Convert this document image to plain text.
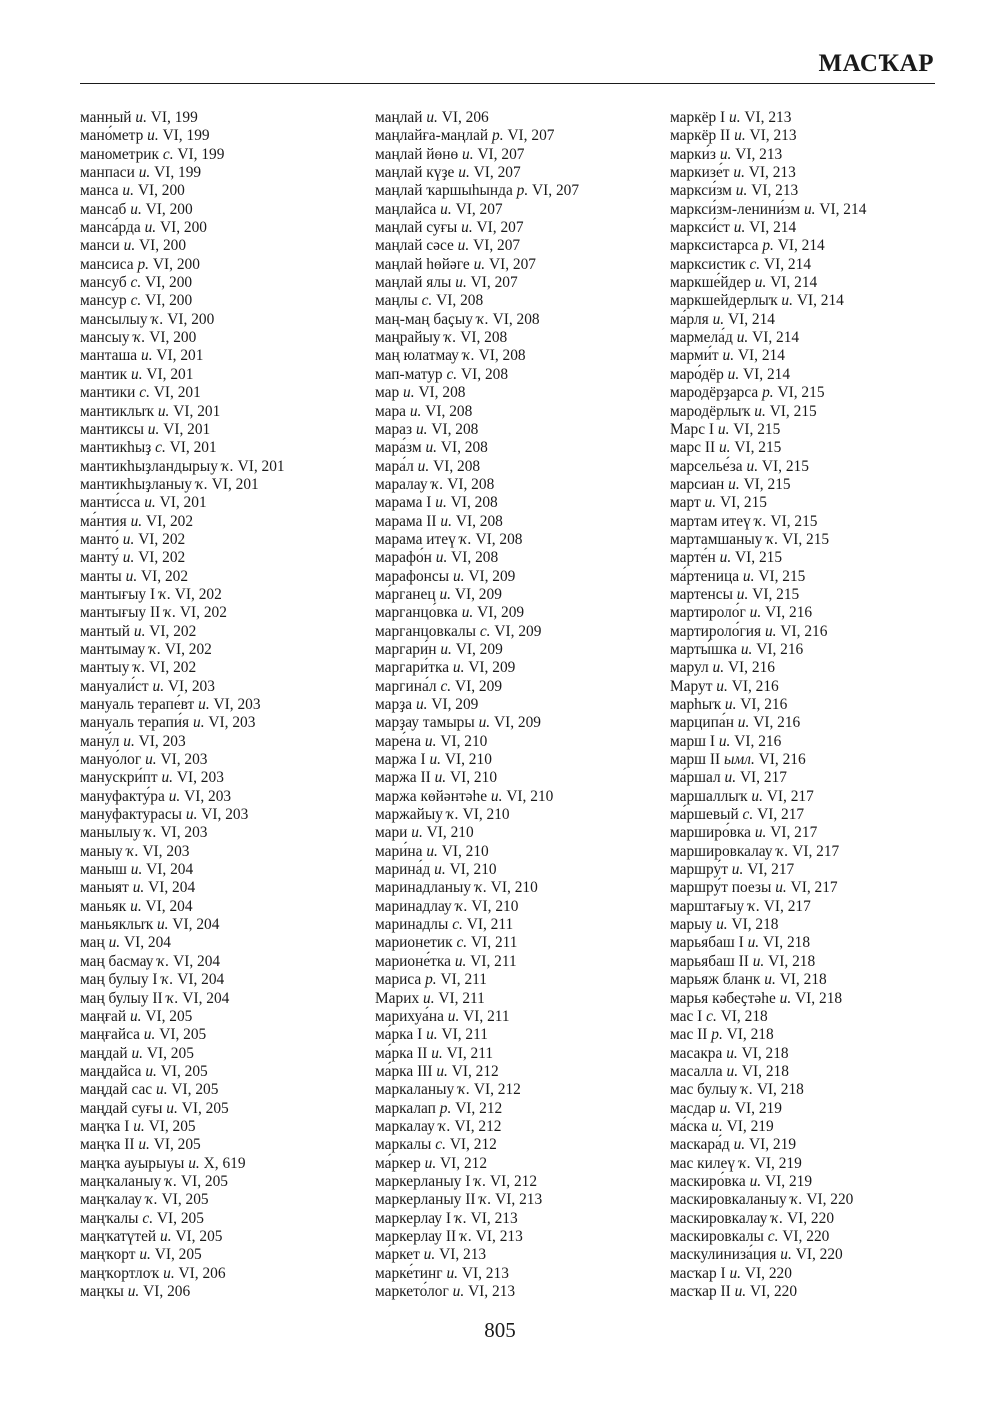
МАСҠАР
манный и. VI, 199
мано́метр и. VI, 199
манометрик с. VI, 199
манпаси и. VI, 199
манса и. VI, 200
мансаб и. VI, 200
манса́рда и. VI, 200
манси и. VI, 200
мансиса р. VI, 200
мансуб с. VI, 200
мансур с. VI, 200
мансылыу ҡ. VI, 200
мансыу ҡ. VI, 200
манташа и. VI, 201
мантик и. VI, 201
мантики с. VI, 201
мантиклыҡ и. VI, 201
мантиксы и. VI, 201
мантикһыҙ с. VI, 201
мантикһыҙландырыу ҡ. VI, 201
мантикһыҙланыу ҡ. VI, 201
манти́сса и. VI, 201
ма́нтия и. VI, 202
манто́ и. VI, 202
манту́ и. VI, 202
манты и. VI, 202
мантығыу I ҡ. VI, 202
мантығыу II ҡ. VI, 202
мантый и. VI, 202
мантымау ҡ. VI, 202
мантыу ҡ. VI, 202
мануали́ст и. VI, 203
мануаль терапе́вт и. VI, 203
мануаль терапи́я и. VI, 203
ману́л и. VI, 203
мануо́лог и. VI, 203
манускри́пт и. VI, 203
мануфакту́ра и. VI, 203
мануфактурасы и. VI, 203
манылыу ҡ. VI, 203
маныу ҡ. VI, 203
маныш и. VI, 204
маныят и. VI, 204
маньяк и. VI, 204
маньяклыҡ и. VI, 204
маң и. VI, 204
маң басмау ҡ. VI, 204
маң булыу I ҡ. VI, 204
маң булыу II ҡ. VI, 204
маңғай и. VI, 205
маңғайса и. VI, 205
маңдай и. VI, 205
маңдайса и. VI, 205
маңдай сас и. VI, 205
маңдай суғы и. VI, 205
маңҡа I и. VI, 205
маңҡа II и. VI, 205
маңҡа ауырыуы и. X, 619
маңҡаланыу ҡ. VI, 205
маңҡалау ҡ. VI, 205
маңҡалы с. VI, 205
маңҡатүтей и. VI, 205
маңҡорт и. VI, 205
маңҡортлоҡ и. VI, 206
маңҡы и. VI, 206
маңлай и. VI, 206
маңлайға-маңлай р. VI, 207
маңлай йөнө и. VI, 207
маңлай күҙе и. VI, 207
маңлай ҡаршыһында р. VI, 207
маңлайса и. VI, 207
маңлай суғы и. VI, 207
маңлай сәсе и. VI, 207
маңлай һөйәге и. VI, 207
маңлай ялы и. VI, 207
маңлы с. VI, 208
маң-маң баҫыу ҡ. VI, 208
маңрайыу ҡ. VI, 208
маң юлатмау ҡ. VI, 208
мап-матур с. VI, 208
мар и. VI, 208
мара и. VI, 208
мараз и. VI, 208
мара́зм и. VI, 208
мара́л и. VI, 208
маралау ҡ. VI, 208
марама I и. VI, 208
марама II и. VI, 208
марама итеү ҡ. VI, 208
марафо́н и. VI, 208
марафонсы и. VI, 209
ма́рганец и. VI, 209
марганцо́вка и. VI, 209
марганцовкалы с. VI, 209
маргари́н и. VI, 209
маргари́тка и. VI, 209
маргина́л с. VI, 209
марҙа и. VI, 209
марҙау тамыры и. VI, 209
маре́на и. VI, 210
маржа I и. VI, 210
маржа II и. VI, 210
маржа көйәнтәһе и. VI, 210
маржайыу ҡ. VI, 210
мари и. VI, 210
мари́на и. VI, 210
марина́д и. VI, 210
маринадланыу ҡ. VI, 210
маринадлау ҡ. VI, 210
маринадлы с. VI, 211
марионетик с. VI, 211
марионе́тка и. VI, 211
мариса р. VI, 211
Марих и. VI, 211
марихуа́на и. VI, 211
ма́рка I и. VI, 211
ма́рка II и. VI, 211
ма́рка III и. VI, 212
маркаланыу ҡ. VI, 212
маркалап р. VI, 212
маркалау ҡ. VI, 212
маркалы с. VI, 212
ма́ркер и. VI, 212
маркерланыу I ҡ. VI, 212
маркерланыу II ҡ. VI, 213
маркерлау I ҡ. VI, 213
маркерлау II ҡ. VI, 213
ма́ркет и. VI, 213
марке́тинг и. VI, 213
маркето́лог и. VI, 213
маркёр I и. VI, 213
маркёр II и. VI, 213
марки́з и. VI, 213
маркизе́т и. VI, 213
маркси́зм и. VI, 213
маркси́зм-ленини́зм и. VI, 214
маркси́ст и. VI, 214
марксистарса р. VI, 214
марксистик с. VI, 214
маркше́йдер и. VI, 214
маркшейдерлыҡ и. VI, 214
ма́рля и. VI, 214
мармела́д и. VI, 214
марми́т и. VI, 214
маро́дёр и. VI, 214
мародёрҙарса р. VI, 215
мародёрлыҡ и. VI, 215
Марс I и. VI, 215
марс II и. VI, 215
марселье́за и. VI, 215
марсиан и. VI, 215
март и. VI, 215
мартам итеү ҡ. VI, 215
мартамшаныу ҡ. VI, 215
марте́н и. VI, 215
ма́ртеница и. VI, 215
мартенсы и. VI, 215
мартироло́г и. VI, 216
мартироло́гия и. VI, 216
марты́шка и. VI, 216
марул и. VI, 216
Марут и. VI, 216
марһыҡ и. VI, 216
марципа́н и. VI, 216
марш I и. VI, 216
марш II ымл. VI, 216
ма́ршал и. VI, 217
маршаллыҡ и. VI, 217
ма́ршевый с. VI, 217
марширо́вка и. VI, 217
маршировкалау ҡ. VI, 217
маршру́т и. VI, 217
маршру́т поезы и. VI, 217
марштағыу ҡ. VI, 217
марыу и. VI, 218
марьябаш I и. VI, 218
марьябаш II и. VI, 218
марьяж бланк и. VI, 218
марья кәбеҫтәһе и. VI, 218
мас I с. VI, 218
мас II р. VI, 218
масакра и. VI, 218
масалла и. VI, 218
мас булыу ҡ. VI, 218
масдар и. VI, 219
ма́ска и. VI, 219
маскара́д и. VI, 219
мас килеү ҡ. VI, 219
маскиро́вка и. VI, 219
маскировкаланыу ҡ. VI, 220
маскировкалау ҡ. VI, 220
маскировкалы с. VI, 220
маскулиниза́ция и. VI, 220
масҡар I и. VI, 220
масҡар II и. VI, 220
805
